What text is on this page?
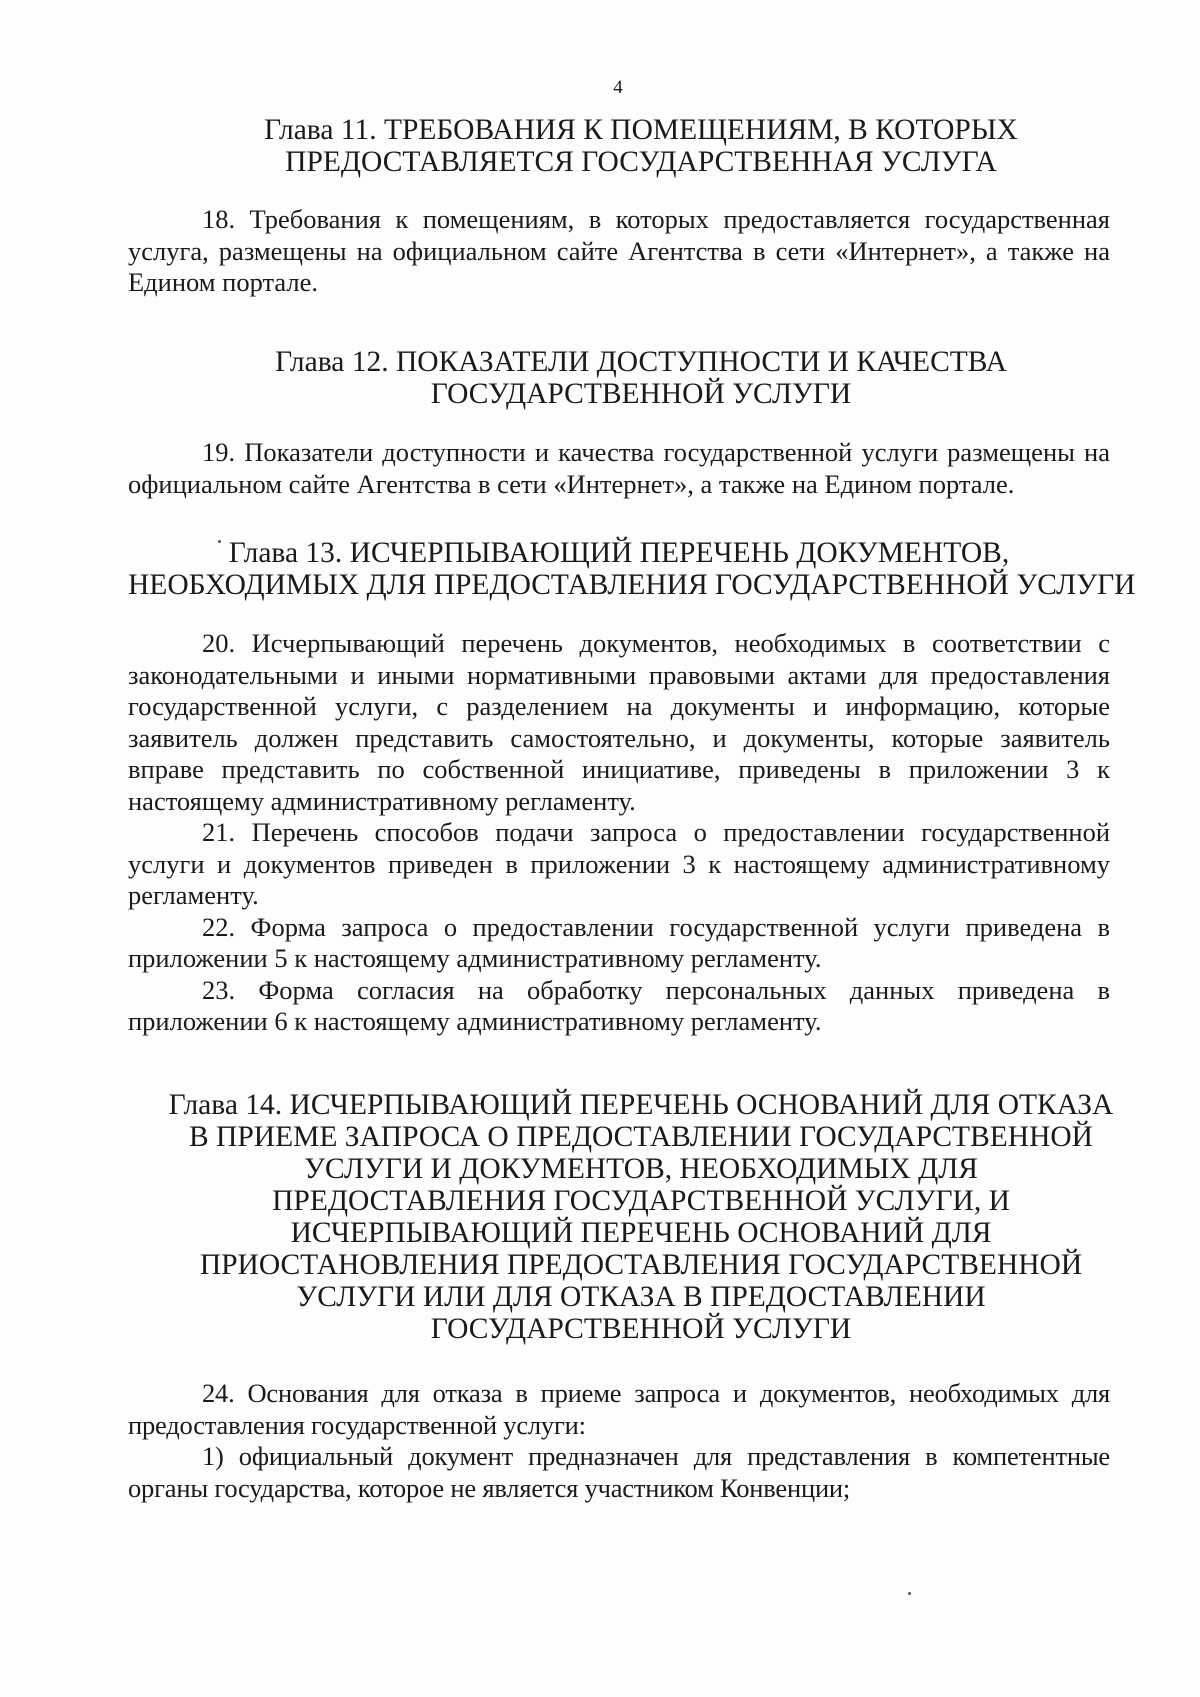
4
Глава 11. ТРЕБОВАНИЯ К ПОМЕЩЕНИЯМ, В КОТОРЫХ
ПРЕДОСТАВЛЯЕТСЯ ГОСУДАРСТВЕННАЯ УСЛУГА

18. Требования к помещениям, в которых предоставляется государственная услуга, размещены на официальном сайте Агентства в сети «Интернет», а также на Едином портале.

Глава 12. ПОКАЗАТЕЛИ ДОСТУПНОСТИ И КАЧЕСТВА
ГОСУДАРСТВЕННОЙ УСЛУГИ

19. Показатели доступности и качества государственной услуги размещены на официальном сайте Агентства в сети «Интернет», а также на Едином портале.

Глава 13. ИСЧЕРПЫВАЮЩИЙ ПЕРЕЧЕНЬ ДОКУМЕНТОВ,
НЕОБХОДИМЫХ ДЛЯ ПРЕДОСТАВЛЕНИЯ ГОСУДАРСТВЕННОЙ УСЛУГИ

20. Исчерпывающий перечень документов, необходимых в соответствии с законодательными и иными нормативными правовыми актами для предоставления государственной услуги, с разделением на документы и информацию, которые заявитель должен представить самостоятельно, и документы, которые заявитель вправе представить по собственной инициативе, приведены в приложении 3 к настоящему административному регламенту.

21. Перечень способов подачи запроса о предоставлении государственной услуги и документов приведен в приложении 3 к настоящему административному регламенту.

22. Форма запроса о предоставлении государственной услуги приведена в приложении 5 к настоящему административному регламенту.

23. Форма согласия на обработку персональных данных приведена в приложении 6 к настоящему административному регламенту.

Глава 14. ИСЧЕРПЫВАЮЩИЙ ПЕРЕЧЕНЬ ОСНОВАНИЙ ДЛЯ ОТКАЗА
В ПРИЕМЕ ЗАПРОСА О ПРЕДОСТАВЛЕНИИ ГОСУДАРСТВЕННОЙ
УСЛУГИ И ДОКУМЕНТОВ, НЕОБХОДИМЫХ ДЛЯ
ПРЕДОСТАВЛЕНИЯ ГОСУДАРСТВЕННОЙ УСЛУГИ, И
ИСЧЕРПЫВАЮЩИЙ ПЕРЕЧЕНЬ ОСНОВАНИЙ ДЛЯ
ПРИОСТАНОВЛЕНИЯ ПРЕДОСТАВЛЕНИЯ ГОСУДАРСТВЕННОЙ
УСЛУГИ ИЛИ ДЛЯ ОТКАЗА В ПРЕДОСТАВЛЕНИИ
ГОСУДАРСТВЕННОЙ УСЛУГИ

24. Основания для отказа в приеме запроса и документов, необходимых для предоставления государственной услуги:

1) официальный документ предназначен для представления в компетентные органы государства, которое не является участником Конвенции;
